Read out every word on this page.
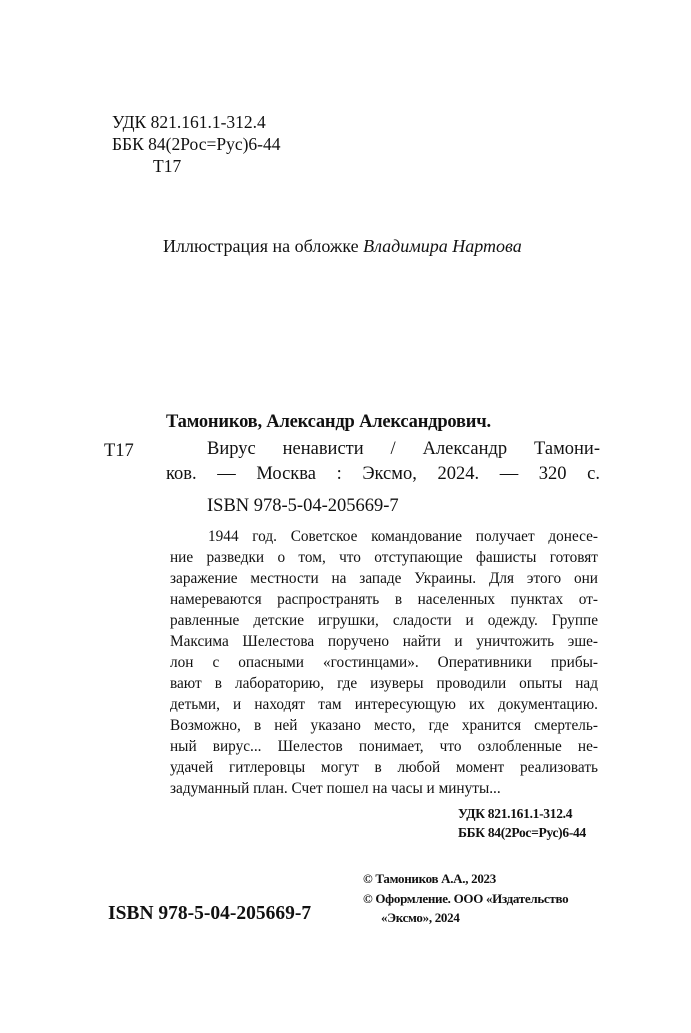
УДК 821.161.1-312.4
ББК 84(2Рос=Рус)6-44
Т17
Иллюстрация на обложке Владимира Нартова
Тамоников, Александр Александрович.
Т17	Вирус ненависти / Александр Тамони-
ков. — Москва : Эксмо, 2024. — 320 с.
ISBN 978-5-04-205669-7
1944 год. Советское командование получает донесе-
ние разведки о том, что отступающие фашисты готовят
заражение местности на западе Украины. Для этого они
намереваются распространять в населенных пунктах от-
равленные детские игрушки, сладости и одежду. Группе
Максима Шелестова поручено найти и уничтожить эше-
лон с опасными «гостинцами». Оперативники прибы-
вают в лабораторию, где изуверы проводили опыты над
детьми, и находят там интересующую их документацию.
Возможно, в ней указано место, где хранится смертель-
ный вирус... Шелестов понимает, что озлобленные не-
удачей гитлеровцы могут в любой момент реализовать
задуманный план. Счет пошел на часы и минуты...
УДК 821.161.1-312.4
ББК 84(2Рос=Рус)6-44
© Тамоников А.А., 2023
© Оформление. ООО «Издательство
«Эксмо», 2024
ISBN 978-5-04-205669-7
